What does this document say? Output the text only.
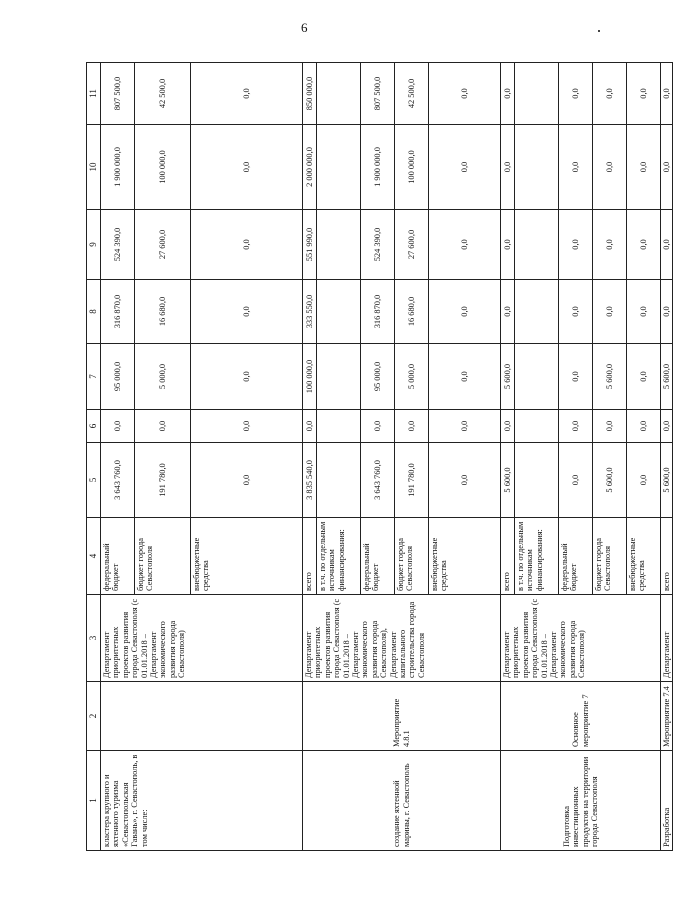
6
1	2	3	4	5	6	7	8	9	10	11
кластера крупного и яхтенного туризма «Севастопольская Гавань», г. Севастополь, в том числе:		Департамент приоритетных проектов развития города Севастополя (с 01.01.2018 – Департамент экономического развития города Севастополя)	федеральный бюджет	3 643 760,0	0,0	95 000,0	316 870,0	524 390,0	1 900 000,0	807 500,0
			бюджет города Севастополя	191 780,0	0,0	5 000,0	16 680,0	27 600,0	100 000,0	42 500,0
			внебюджетные средства	0,0	0,0	0,0	0,0	0,0	0,0	0,0
создание яхтенной марины, г. Севастополь	Мероприятие 4.8.1	Департамент приоритетных проектов развития города Севастополя (с 01.01.2018 – Департамент экономического развития города Севастополя), Департамент капитального строительства города Севастополя	всего	3 835 540,0	0,0	100 000,0	333 550,0	551 990,0	2 000 000,0	850 000,0
			в т.ч. по отдельным источникам финансирования:							
			федеральный бюджет	3 643 760,0	0,0	95 000,0	316 870,0	524 390,0	1 900 000,0	807 500,0
			бюджет города Севастополя	191 780,0	0,0	5 000,0	16 680,0	27 600,0	100 000,0	42 500,0
			внебюджетные средства	0,0	0,0	0,0	0,0	0,0	0,0	0,0
Подготовка инвестиционных продуктов на территории города Севастополя	Основное мероприятие 7	Департамент приоритетных проектов развития города Севастополя (с 01.01.2018 – Департамент экономического развития города Севастополя)	всего	5 600,0	0,0	5 600,0	0,0	0,0	0,0	0,0
			в т.ч. по отдельным источникам финансирования:							
			федеральный бюджет	0,0	0,0	0,0	0,0	0,0	0,0	0,0
			бюджет города Севастополя	5 600,0	0,0	5 600,0	0,0	0,0	0,0	0,0
			внебюджетные средства	0,0	0,0	0,0	0,0	0,0	0,0	0,0
Разработка	Мероприятие 7.4	Департамент	всего	5 600,0	0,0	5 600,0	0,0	0,0	0,0	0,0
